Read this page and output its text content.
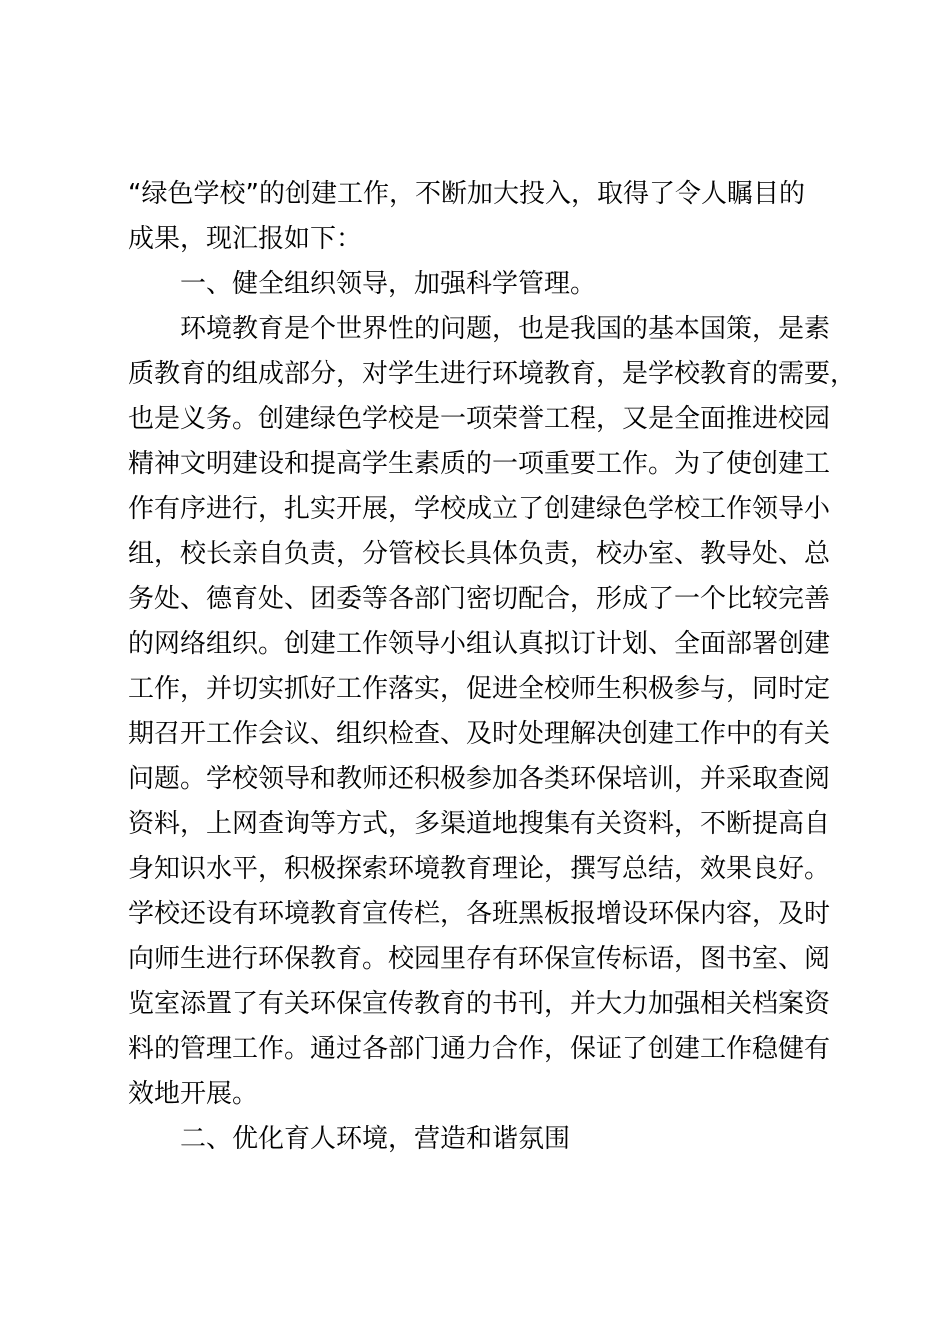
“绿色学校”的创建工作，不断加大投入，取得了令人瞩目的
成果，现汇报如下：
一、健全组织领导，加强科学管理。
环境教育是个世界性的问题，也是我国的基本国策，是素
质教育的组成部分，对学生进行环境教育，是学校教育的需要，
也是义务。创建绿色学校是一项荣誉工程，又是全面推进校园
精神文明建设和提高学生素质的一项重要工作。为了使创建工
作有序进行，扎实开展，学校成立了创建绿色学校工作领导小
组，校长亲自负责，分管校长具体负责，校办室、教导处、总
务处、德育处、团委等各部门密切配合，形成了一个比较完善
的网络组织。创建工作领导小组认真拟订计划、全面部署创建
工作，并切实抓好工作落实，促进全校师生积极参与，同时定
期召开工作会议、组织检查、及时处理解决创建工作中的有关
问题。学校领导和教师还积极参加各类环保培训，并采取查阅
资料，上网查询等方式，多渠道地搜集有关资料，不断提高自
身知识水平，积极探索环境教育理论，撰写总结，效果良好。
学校还设有环境教育宣传栏，各班黑板报增设环保内容，及时
向师生进行环保教育。校园里存有环保宣传标语，图书室、阅
览室添置了有关环保宣传教育的书刊，并大力加强相关档案资
料的管理工作。通过各部门通力合作，保证了创建工作稳健有
效地开展。
二、优化育人环境，营造和谐氛围
